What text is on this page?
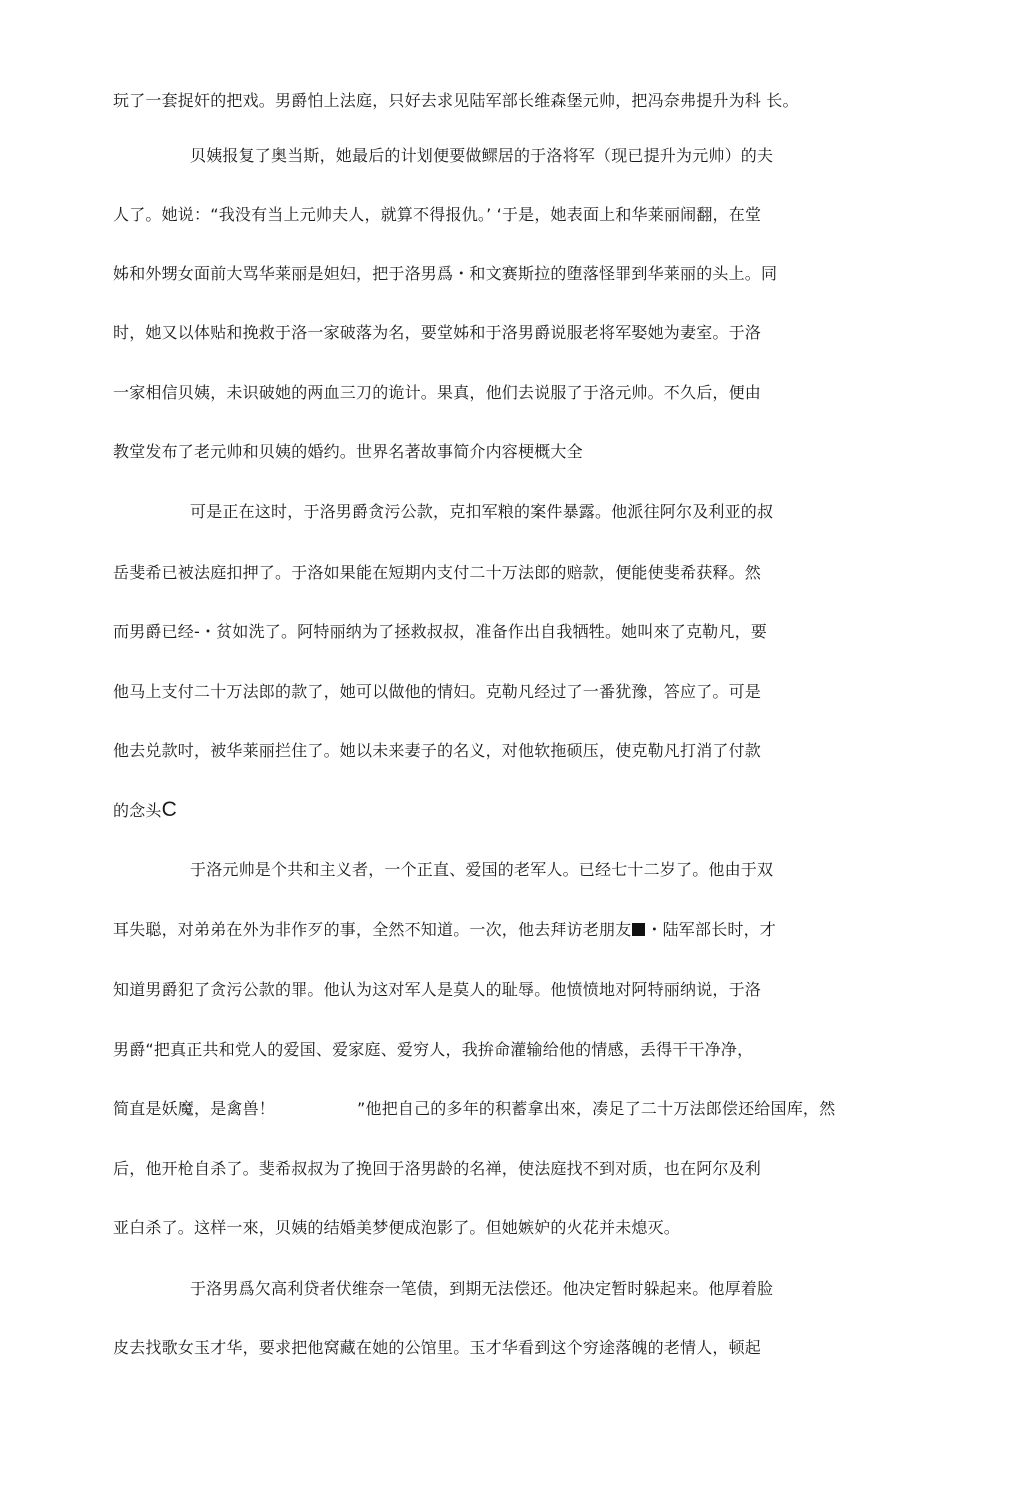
玩了一套捉奸的把戏。男爵怕上法庭，只好去求见陆军部长维森堡元帅，把冯奈弗提升为科 长。

贝姨报复了奥当斯，她最后的计划便要做鳏居的于洛将军（现已提升为元帅）的夫

人了。她说：“我没有当上元帅夫人，就算不得报仇。’ ‘于是，她表面上和华莱丽闹翻，在堂

姊和外甥女面前大骂华莱丽是妲妇，把于洛男爲・和文赛斯拉的堕落怪罪到华莱丽的头上。同

时，她又以体贴和挽救于洛一家破落为名，要堂姊和于洛男爵说服老将军娶她为妻室。于洛

一家相信贝姨，未识破她的两血三刀的诡计。果真，他们去说服了于洛元帅。不久后，便由

教堂发布了老元帅和贝姨的婚约。世界名著故事简介内容梗概大全

可是正在这时，于洛男爵贪污公款，克扣军粮的案件暴露。他派往阿尔及利亚的叔

岳斐希已被法庭扣押了。于洛如果能在短期内支付二十万法郎的赔款，便能使斐希获释。然

而男爵已经-・贫如洗了。阿特丽纳为了拯救叔叔，准备作出自我牺牲。她叫來了克勒凡，要

他马上支付二十万法郎的款了，她可以做他的情妇。克勒凡经过了一番犹豫，答应了。可是

他去兑款吋，被华莱丽拦住了。她以未来妻子的名义，对他软拖硕压，使克勒凡打消了付款

的念头C

于洛元帅是个共和主义者，一个正直、爱国的老军人。已经七十二岁了。他由于双

耳失聪，对弟弟在外为非作歹的事，全然不知道。一次，他去拜访老朋友 ・陆军部长时，才

知道男爵犯了贪污公款的罪。他认为这对军人是莫人的耻辱。他愤愤地对阿特丽纳说，于洛

男爵“把真正共和党人的爱国、爱家庭、爱穷人，我拚命灌输给他的情感，丢得干干净净，

简直是妖魔，是禽兽！	”他把自己的多年的积蓄拿出來，凑足了二十万法郎偿还给国库，然

后，他开枪自杀了。斐希叔叔为了挽回于洛男龄的名禅，使法庭找不到对质，也在阿尔及利

亚白杀了。这样一來，贝姨的结婚美梦便成泡影了。但她嫉妒的火花并未熄灭。

于洛男爲欠高利贷者伏维奈一笔债，到期无法偿还。他决定暂时躲起来。他厚着脸

皮去找歌女玉才华，要求把他窝藏在她的公馆里。玉才华看到这个穷途落魄的老情人，顿起
